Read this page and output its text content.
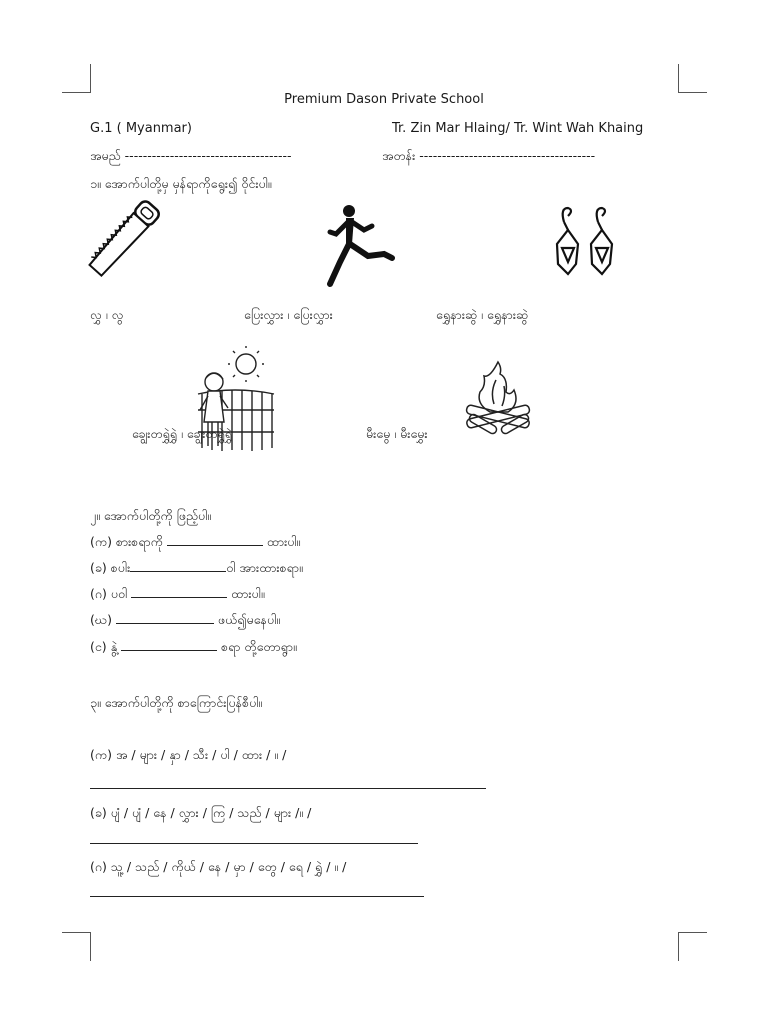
Premium Dason Private School
G.1 ( Myanmar)	Tr. Zin Mar Hlaing/ Tr. Wint Wah Khaing
အမည် -------------------------------------	အတန်း ---------------------------------------
၁။ အောက်ပါတို့မှ မှန်ရာကိုရွေး၍ ဝိုင်းပါ။
လွှ ၊ လွ	ပြေးလွှား ၊ ပြေးလွှား	ရွှေနားဆွဲ ၊ ရွှေနားဆွဲ
ချွေးတရွှဲရွှဲ ၊ ချွေးတရွှဲရွှဲ	မီးမွေ ၊ မီးမွှေး
၂။ အောက်ပါတို့ကို ဖြည့်ပါ။
(က) စားစရာကို	ထားပါ။
(ခ) စပါး	ဝါ အားထားစရာ။
(ဂ) ပဝါ	ထားပါ။
(ဃ)	ဖယ်၍မနေပါ။
(င) နွဲ့	စရာ တို့တောရွာ။
၃။ အောက်ပါတို့ကို စာကြောင်းပြန်စီပါ။
(က) အ / များ / နှာ / သီး / ပါ / ထား / ။ /
(ခ) ပျံ / ပျံ / နေ / လွှား / ကြ / သည် / များ /။ /
(ဂ) သူ့ / သည် / ကိုယ် / နေ / မှာ / တွေ / ရေ / ရွှဲ / ။ /
